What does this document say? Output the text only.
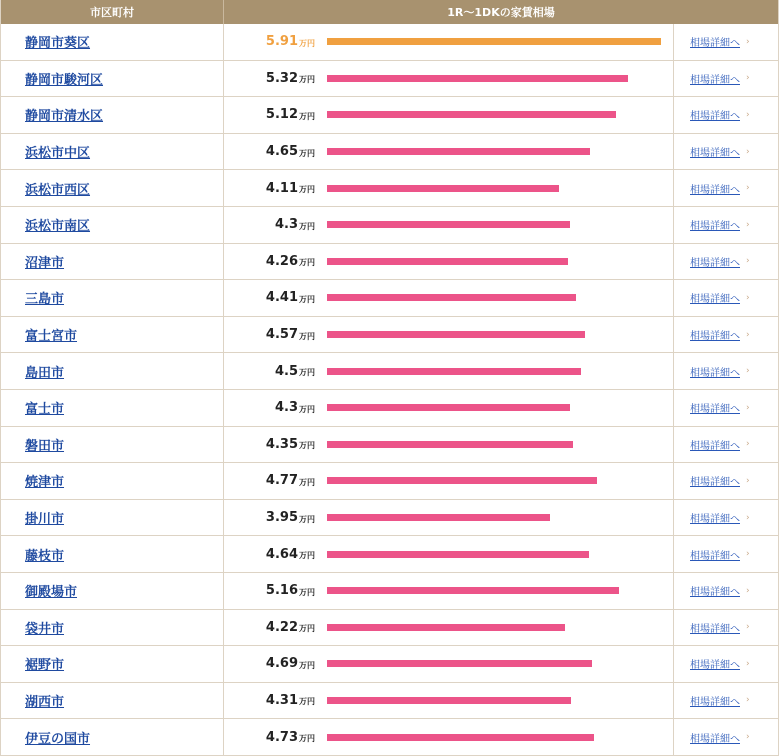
市区町村	1R〜1DKの家賃相場
静岡市葵区	5.91 万円	相場詳細へ ›
静岡市駿河区	5.32 万円	相場詳細へ ›
静岡市清水区	5.12 万円	相場詳細へ ›
浜松市中区	4.65 万円	相場詳細へ ›
浜松市西区	4.11 万円	相場詳細へ ›
浜松市南区	4.3 万円	相場詳細へ ›
沼津市	4.26 万円	相場詳細へ ›
三島市	4.41 万円	相場詳細へ ›
富士宮市	4.57 万円	相場詳細へ ›
島田市	4.5 万円	相場詳細へ ›
富士市	4.3 万円	相場詳細へ ›
磐田市	4.35 万円	相場詳細へ ›
焼津市	4.77 万円	相場詳細へ ›
掛川市	3.95 万円	相場詳細へ ›
藤枝市	4.64 万円	相場詳細へ ›
御殿場市	5.16 万円	相場詳細へ ›
袋井市	4.22 万円	相場詳細へ ›
裾野市	4.69 万円	相場詳細へ ›
湖西市	4.31 万円	相場詳細へ ›
伊豆の国市	4.73 万円	相場詳細へ ›
